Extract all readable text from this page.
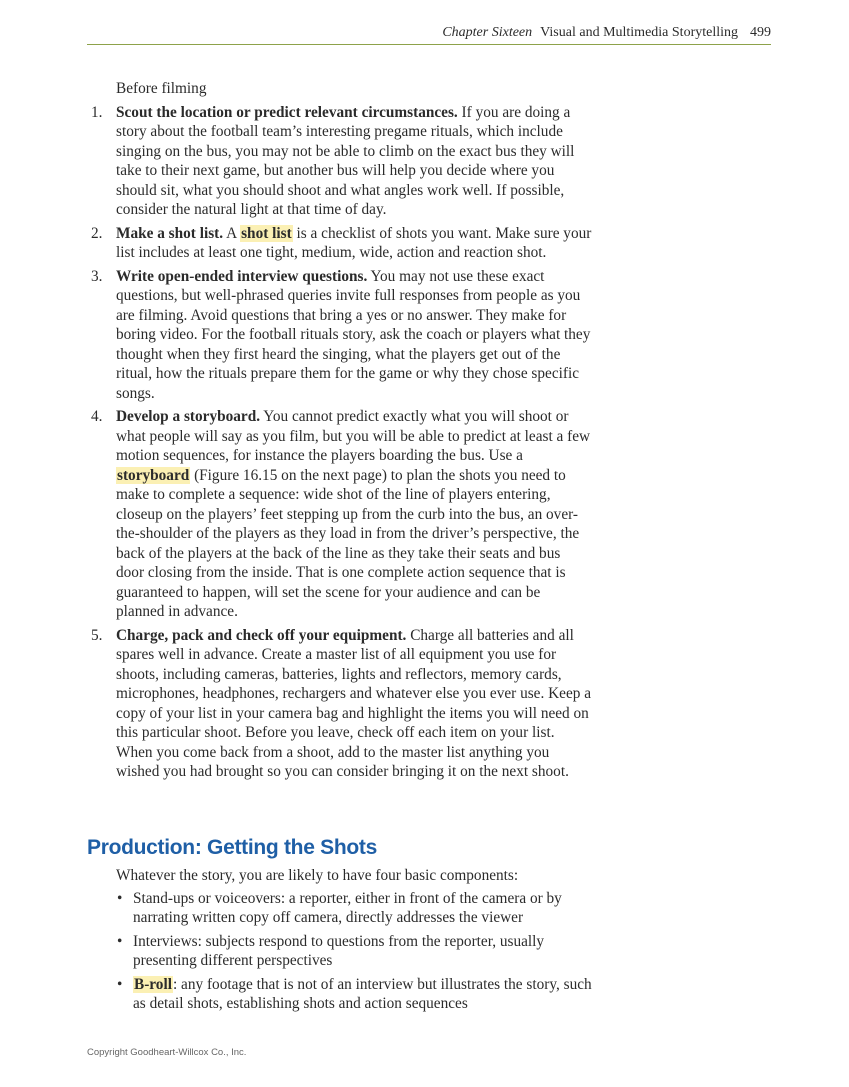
Chapter Sixteen Visual and Multimedia Storytelling 499

Before filming

1. Scout the location or predict relevant circumstances. If you are doing a story about the football team’s interesting pregame rituals, which include singing on the bus, you may not be able to climb on the exact bus they will take to their next game, but another bus will help you decide where you should sit, what you should shoot and what angles work well. If possible, consider the natural light at that time of day.
2. Make a shot list. A shot list is a checklist of shots you want. Make sure your list includes at least one tight, medium, wide, action and reaction shot.
3. Write open-ended interview questions. You may not use these exact questions, but well-phrased queries invite full responses from people as you are filming. Avoid questions that bring a yes or no answer. They make for boring video. For the football rituals story, ask the coach or players what they thought when they first heard the singing, what the players get out of the ritual, how the rituals prepare them for the game or why they chose specific songs.
4. Develop a storyboard. You cannot predict exactly what you will shoot or what people will say as you film, but you will be able to predict at least a few motion sequences, for instance the players boarding the bus. Use a storyboard (Figure 16.15 on the next page) to plan the shots you need to make to complete a sequence: wide shot of the line of players entering, closeup on the players’ feet stepping up from the curb into the bus, an over-the-shoulder of the players as they load in from the driver’s perspective, the back of the players at the back of the line as they take their seats and bus door closing from the inside. That is one complete action sequence that is guaranteed to happen, will set the scene for your audience and can be planned in advance.
5. Charge, pack and check off your equipment. Charge all batteries and all spares well in advance. Create a master list of all equipment you use for shoots, including cameras, batteries, lights and reflectors, memory cards, microphones, headphones, rechargers and whatever else you ever use. Keep a copy of your list in your camera bag and highlight the items you will need on this particular shoot. Before you leave, check off each item on your list. When you come back from a shoot, add to the master list anything you wished you had brought so you can consider bringing it on the next shoot.
Production: Getting the Shots

Whatever the story, you are likely to have four basic components:

• Stand-ups or voiceovers: a reporter, either in front of the camera or by narrating written copy off camera, directly addresses the viewer
• Interviews: subjects respond to questions from the reporter, usually presenting different perspectives
• B-roll: any footage that is not of an interview but illustrates the story, such as detail shots, establishing shots and action sequences
Copyright Goodheart-Willcox Co., Inc.
